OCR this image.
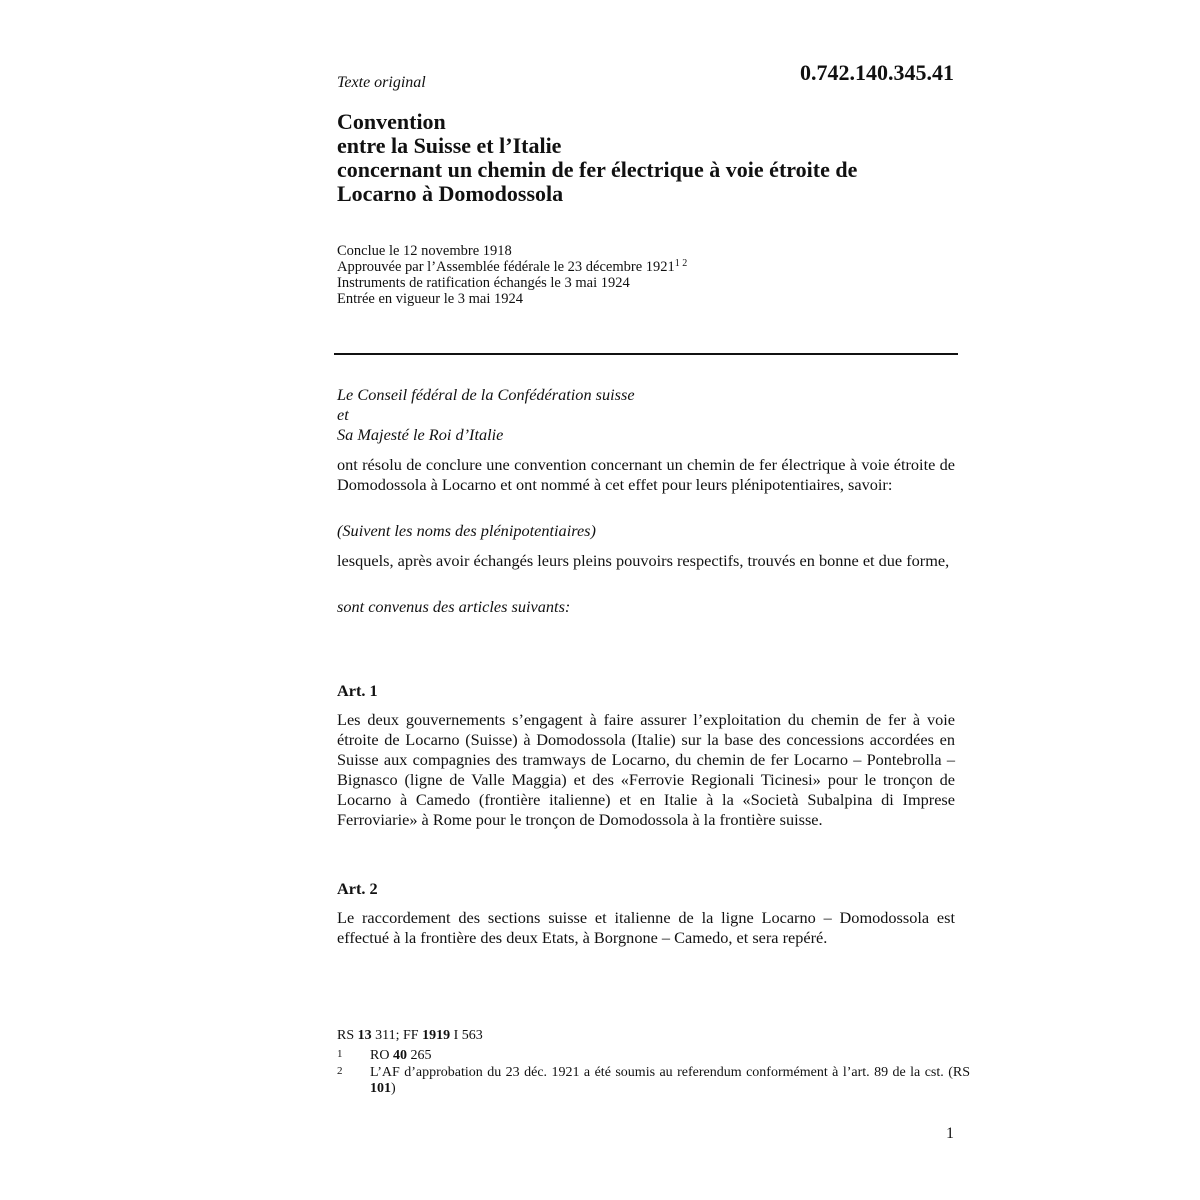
Texte original	0.742.140.345.41
Convention
entre la Suisse et l’Italie
concernant un chemin de fer électrique à voie étroite de
Locarno à Domodossola
Conclue le 12 novembre 1918
Approuvée par l’Assemblée fédérale le 23 décembre $1921^{1 2}$
Instruments de ratification échangés le 3 mai 1924
Entrée en vigueur le 3 mai 1924
Le Conseil fédéral de la Confédération suisse
et
Sa Majesté le Roi d’Italie
ont résolu de conclure une convention concernant un chemin de fer électrique à voie étroite de Domodossola à Locarno et ont nommé à cet effet pour leurs plénipotentiaires, savoir:
(Suivent les noms des plénipotentiaires)
lesquels, après avoir échangés leurs pleins pouvoirs respectifs, trouvés en bonne et due forme,
sont convenus des articles suivants:
Art. 1
Les deux gouvernements s’engagent à faire assurer l’exploitation du chemin de fer à voie étroite de Locarno (Suisse) à Domodossola (Italie) sur la base des concessions accordées en Suisse aux compagnies des tramways de Locarno, du chemin de fer Locarno – Pontebrolla – Bignasco (ligne de Valle Maggia) et des «Ferrovie Regionali Ticinesi» pour le tronçon de Locarno à Camedo (frontière italienne) et en Italie à la «Società Subalpina di Imprese Ferroviarie» à Rome pour le tronçon de Domodossola à la frontière suisse.
Art. 2
Le raccordement des sections suisse et italienne de la ligne Locarno – Domodossola est effectué à la frontière des deux Etats, à Borgnone – Camedo, et sera repéré.
RS 13 311; FF 1919 I 563
1	RO 40 265
2	L’AF d’approbation du 23 déc. 1921 a été soumis au referendum conformément à l’art. 89 de la cst. (RS 101)
1
